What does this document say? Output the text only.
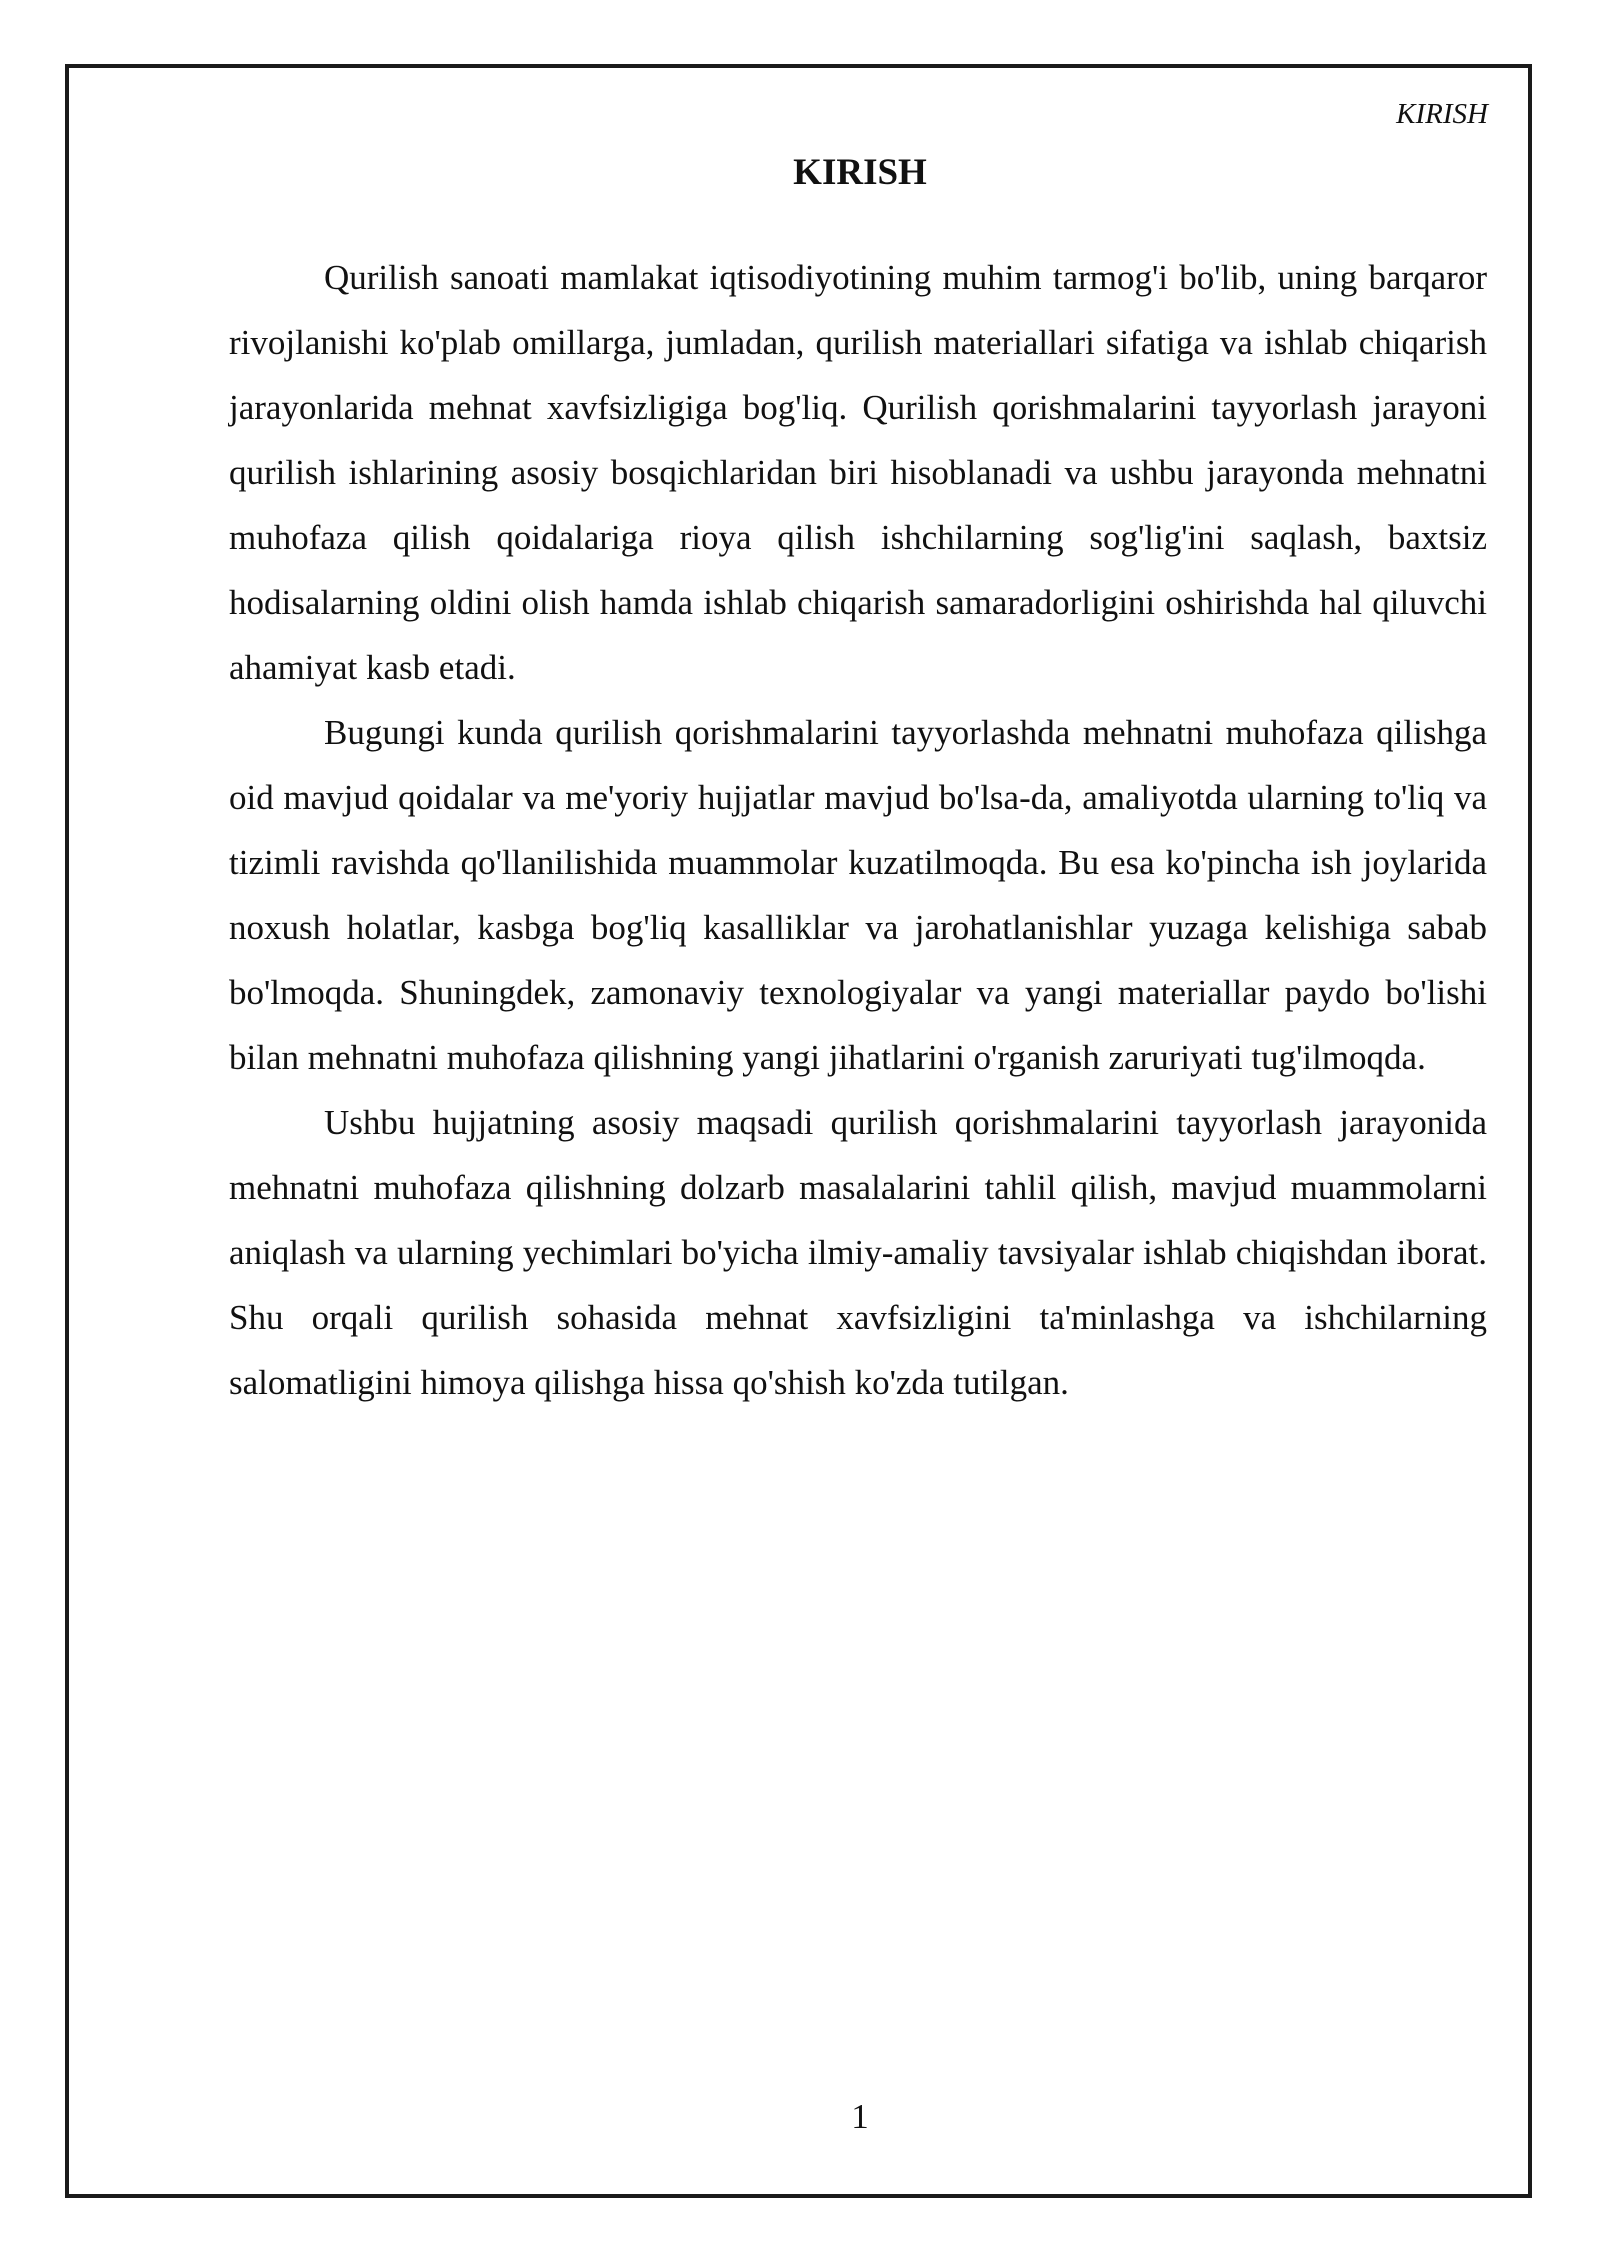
KIRISH
KIRISH

Qurilish sanoati mamlakat iqtisodiyotining muhim tarmog'i bo'lib, uning barqaror rivojlanishi ko'plab omillarga, jumladan, qurilish materiallari sifatiga va ishlab chiqarish jarayonlarida mehnat xavfsizligiga bog'liq. Qurilish qorishmalarini tayyorlash jarayoni qurilish ishlarining asosiy bosqichlaridan biri hisoblanadi va ushbu jarayonda mehnatni muhofaza qilish qoidalariga rioya qilish ishchilarning sog'lig'ini saqlash, baxtsiz hodisalarning oldini olish hamda ishlab chiqarish samaradorligini oshirishda hal qiluvchi ahamiyat kasb etadi.

Bugungi kunda qurilish qorishmalarini tayyorlashda mehnatni muhofaza qilishga oid mavjud qoidalar va me'yoriy hujjatlar mavjud bo'lsa-da, amaliyotda ularning to'liq va tizimli ravishda qo'llanilishida muammolar kuzatilmoqda. Bu esa ko'pincha ish joylarida noxush holatlar, kasbga bog'liq kasalliklar va jarohatlanishlar yuzaga kelishiga sabab bo'lmoqda. Shuningdek, zamonaviy texnologiyalar va yangi materiallar paydo bo'lishi bilan mehnatni muhofaza qilishning yangi jihatlarini o'rganish zaruriyati tug'ilmoqda.

Ushbu hujjatning asosiy maqsadi qurilish qorishmalarini tayyorlash jarayonida mehnatni muhofaza qilishning dolzarb masalalarini tahlil qilish, mavjud muammolarni aniqlash va ularning yechimlari bo'yicha ilmiy-amaliy tavsiyalar ishlab chiqishdan iborat. Shu orqali qurilish sohasida mehnat xavfsizligini ta'minlashga va ishchilarning salomatligini himoya qilishga hissa qo'shish ko'zda tutilgan.

1
